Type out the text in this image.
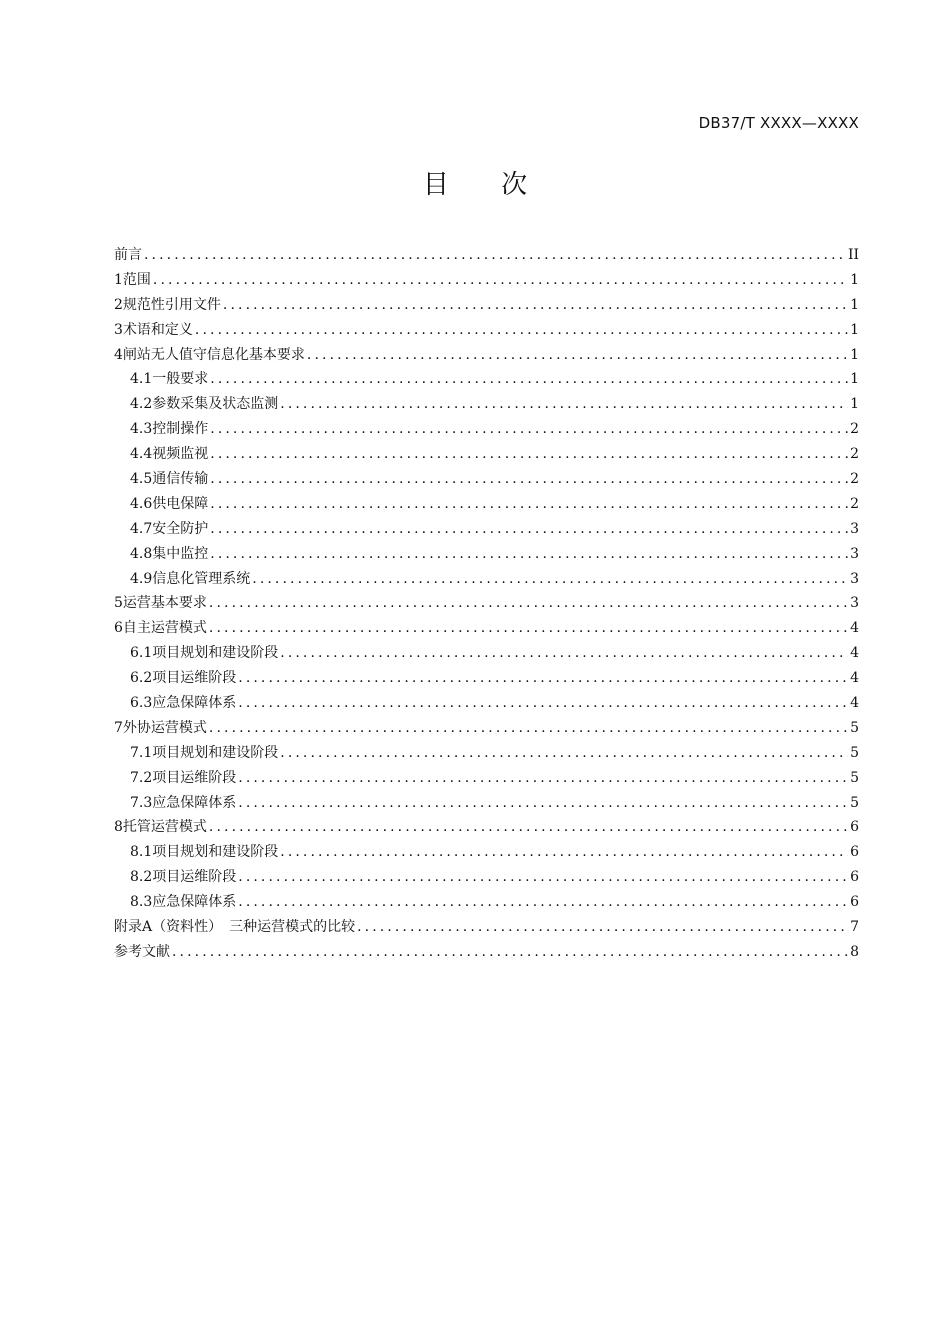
DB37/T XXXX—XXXX
目 次
前言 .....	II
1 范围 .....	1
2 规范性引用文件 .....	1
3 术语和定义 .....	1
4 闸站无人值守信息化基本要求 .....	1
4.1 一般要求 .....	1
4.2 参数采集及状态监测 .....	1
4.3 控制操作 .....	2
4.4 视频监视 .....	2
4.5 通信传输 .....	2
4.6 供电保障 .....	2
4.7 安全防护 .....	3
4.8 集中监控 .....	3
4.9 信息化管理系统 .....	3
5 运营基本要求 .....	3
6 自主运营模式 .....	4
6.1 项目规划和建设阶段 .....	4
6.2 项目运维阶段 .....	4
6.3 应急保障体系 .....	4
7 外协运营模式 .....	5
7.1 项目规划和建设阶段 .....	5
7.2 项目运维阶段 .....	5
7.3 应急保障体系 .....	5
8 托管运营模式 .....	6
8.1 项目规划和建设阶段 .....	6
8.2 项目运维阶段 .....	6
8.3 应急保障体系 .....	6
附录A（资料性）　三种运营模式的比较 .....	7
参考文献 .....	8
